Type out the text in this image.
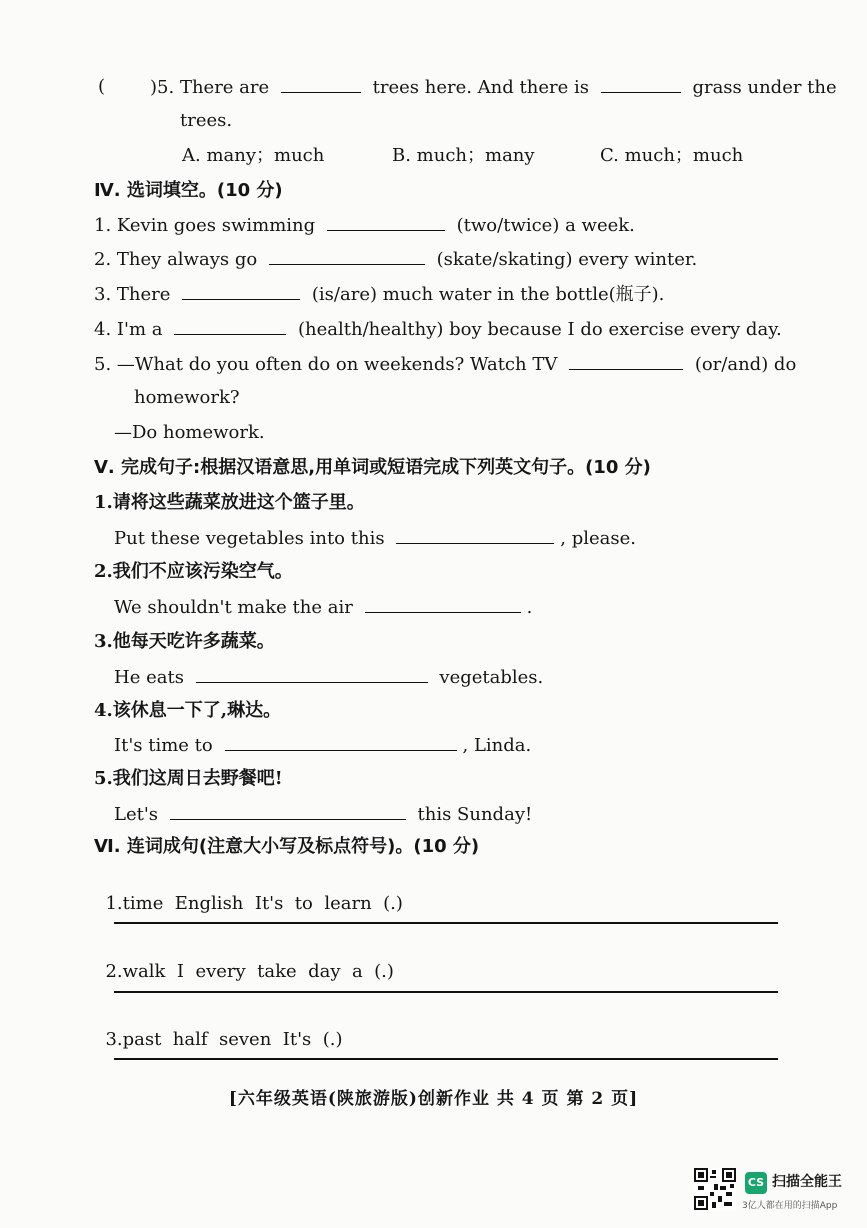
( )5. There are	trees here. And there is	grass under the
trees.
A. many；much	B. much；many	C. much；much
Ⅳ. 选词填空。(10 分)
1. Kevin goes swimming	(two/twice) a week.
2. They always go	(skate/skating) every winter.
3. There	(is/are) much water in the bottle(瓶子).
4. I'm a	(health/healthy) boy because I do exercise every day.
5. —What do you often do on weekends? Watch TV	(or/and) do
homework?
—Do homework.
Ⅴ. 完成句子:根据汉语意思,用单词或短语完成下列英文句子。(10 分)
1.请将这些蔬菜放进这个篮子里。
Put these vegetables into this	, please.
2.我们不应该污染空气。
We shouldn't make the air	.
3.他每天吃许多蔬菜。
He eats	vegetables.
4.该休息一下了,琳达。
It's time to	, Linda.
5.我们这周日去野餐吧!
Let's	this Sunday!
Ⅵ. 连词成句(注意大小写及标点符号)。(10 分)

1.time  English  It's  to  learn  (.)

2.walk  I  every  take  day  a  (.)

3.past  half  seven  It's  (.)

[六年级英语(陕旅游版)创新作业 共 4 页 第 2 页]
CS 扫描全能王
3亿人都在用的扫描App
